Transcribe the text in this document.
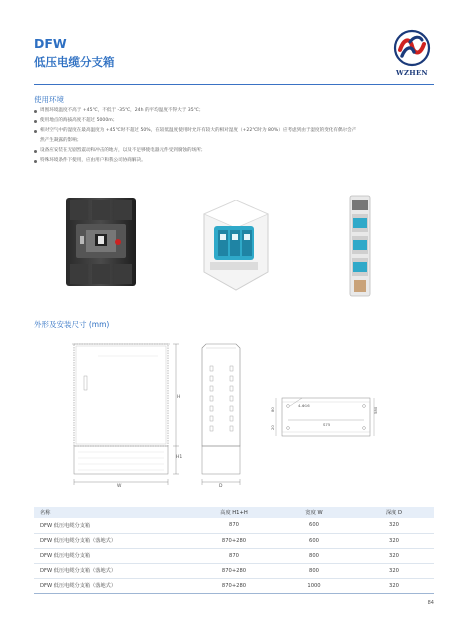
DFW
低压电缆分支箱
WZHEN
使用环境
周围环境温度不高于 +45℃，不低于 -35℃，24h 的平均温度不得大于 35℃；
使用地点的海拔高度不超过 5000m；
相对空气中的湿度在最高温度为 +45℃时不超过 50%，在较低温度使用时允许有较大的相对湿度（+22℃时为 80%）应考虑到由于湿度的变化有偶尔会产
然产生凝露的影响；
设备应安装在无剧烈震动和冲击的地方，以及不足够使电器元件受到腐蚀的场所；
特殊环境条件下使用，应由用户和我公司协商解决。
外形及安装尺寸 (mm)
H
H1
W	D
4-Φ16
S75
580
80
20
名称	高度 H1+H	宽度 W	深度 D
DFW 低压电缆分支箱	870	600	320
DFW 低压电缆分支箱（落地式）	870+280	600	320
DFW 低压电缆分支箱	870	800	320
DFW 低压电缆分支箱（落地式）	870+280	800	320
DFW 低压电缆分支箱（落地式）	870+280	1000	320
84
